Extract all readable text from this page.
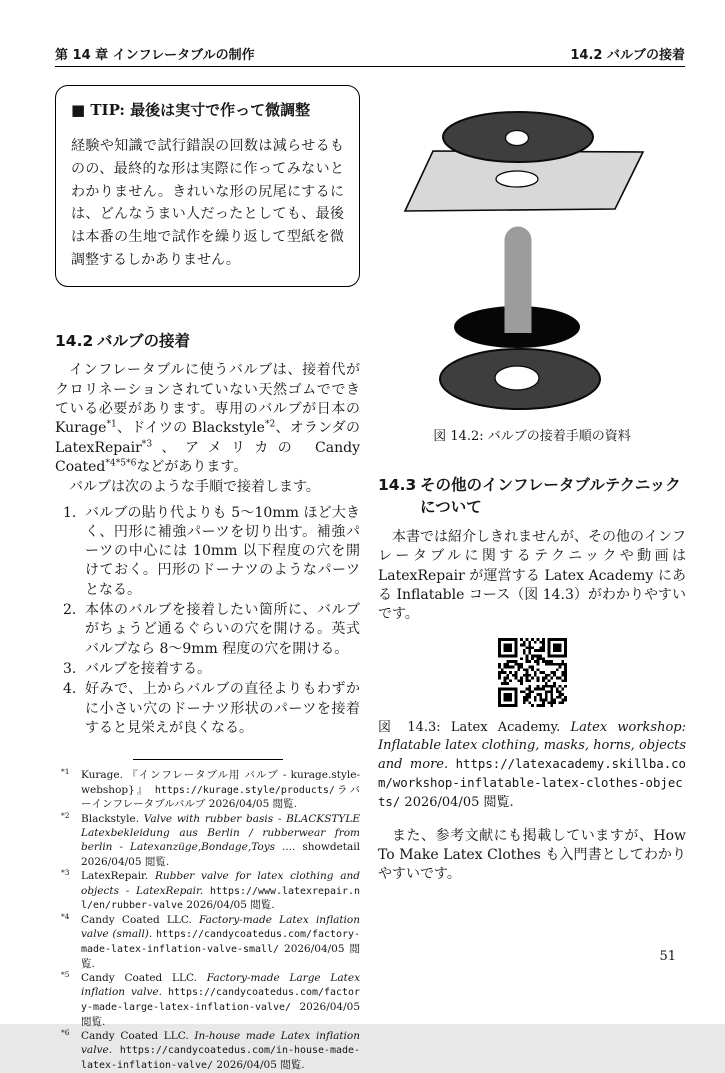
第 14 章 インフレータブルの制作	14.2 バルブの接着

■ TIP: 最後は実寸で作って微調整

経験や知識で試行錯誤の回数は減らせるものの、最終的な形は実際に作ってみないとわかりません。きれいな形の尻尾にするには、どんなうまい人だったとしても、最後は本番の生地で試作を繰り返して型紙を微調整するしかありません。

14.2 バルブの接着

インフレータブルに使うバルブは、接着代がクロリネーションされていない天然ゴムでできている必要があります。専用のバルブが日本の Kurage$^{*1}$、ドイツの Blackstyle$^{*2}$、オランダの LatexRepair$^{*3}$、アメリカの Candy Coated$^{*4*5*6}$などがあります。

バルブは次のような手順で接着します。

バルブの貼り代よりも 5〜10mm ほど大きく、円形に補強パーツを切り出す。補強パーツの中心には 10mm 以下程度の穴を開けておく。円形のドーナツのようなパーツとなる。
本体のバルブを接着したい箇所に、バルブがちょうど通るぐらいの穴を開ける。英式バルブなら 8〜9mm 程度の穴を開ける。
バルブを接着する。
好みで、上からバルブの直径よりもわずかに小さい穴のドーナツ形状のパーツを接着すると見栄えが良くなる。
*1 Kurage. 『インフレータブル用 バルブ - kurage.style-webshop}』 https://kurage.style/products/ラバーインフレータブルバルブ 2026/04/05 閲覧.
*2 Blackstyle. Valve with rubber basis - BLACKSTYLE Latexbekleidung aus Berlin / rubberwear from berlin - Latexanzüge,Bondage,Toys .... showdetail 2026/04/05 閲覧.
*3 LatexRepair. Rubber valve for latex clothing and objects - LatexRepair. https://www.latexrepair.nl/en/rubber-valve 2026/04/05 閲覧.
*4 Candy Coated LLC. Factory-made Latex inflation valve (small). https://candycoatedus.com/factory-made-latex-inflation-valve-small/ 2026/04/05 閲覧.
*5 Candy Coated LLC. Factory-made Large Latex inflation valve. https://candycoatedus.com/factory-made-large-latex-inflation-valve/ 2026/04/05 閲覧.
*6 Candy Coated LLC. In-house made Latex inflation valve. https://candycoatedus.com/in-house-made-latex-inflation-valve/ 2026/04/05 閲覧.

図 14.2: バルブの接着手順の資料

14.3 その他のインフレータブルテクニックについて

本書では紹介しきれませんが、その他のインフレータブルに関するテクニックや動画は LatexRepair が運営する Latex Academy にある Inflatable コース（図 14.3）がわかりやすいです。

図 14.3: Latex Academy. Latex workshop: Inflatable latex clothing, masks, horns, objects and more. https://latexacademy.skillba.com/workshop-inflatable-latex-clothes-objects/ 2026/04/05 閲覧.

また、参考文献にも掲載していますが、How To Make Latex Clothes も入門書としてわかりやすいです。

51
